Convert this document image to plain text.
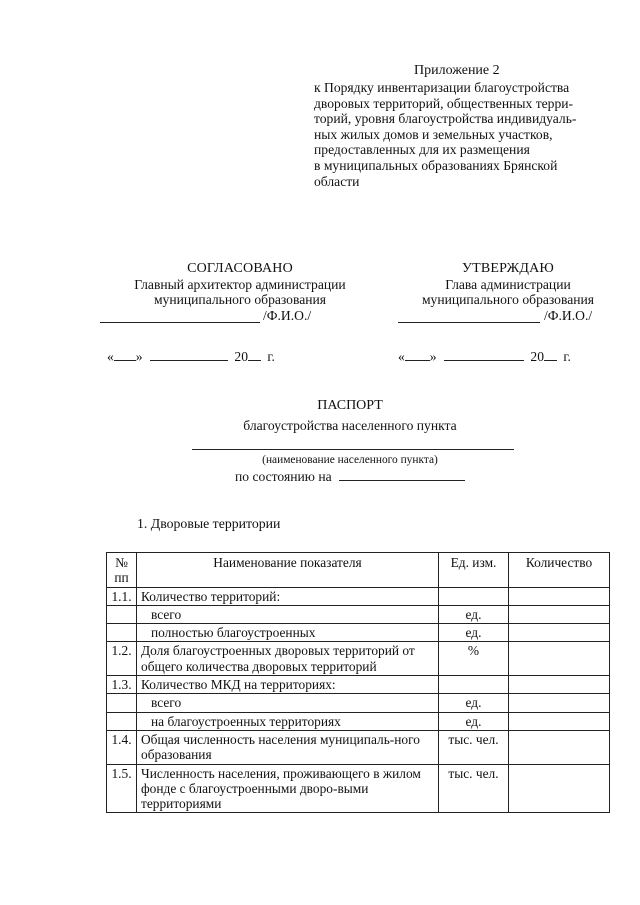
Приложение 2
к Порядку инвентаризации благоустройства
дворовых территорий, общественных терри-
торий, уровня благоустройства индивидуаль-
ных жилых домов и земельных участков,
предоставленных для их размещения
в муниципальных образованиях Брянской
области
СОГЛАСОВАНО
Главный архитектор администрации
муниципального образования
/Ф.И.О./
УТВЕРЖДАЮ
Глава администрации
муниципального образования
/Ф.И.О./
« »	20 г.	« »	20 г.
ПАСПОРТ
благоустройства населенного пункта
(наименование населенного пункта)
по состоянию на
1. Дворовые территории
№ пп	Наименование показателя	Ед. изм.	Количество
1.1.	Количество территорий:		
	всего	ед.	
	полностью благоустроенных	ед.	
1.2.	Доля благоустроенных дворовых территорий от общего количества дворовых территорий	%	
1.3.	Количество МКД на территориях:		
	всего	ед.	
	на благоустроенных территориях	ед.	
1.4.	Общая численность населения муниципаль-ного образования	тыс. чел.	
1.5.	Численность населения, проживающего в жилом фонде с благоустроенными дворо-выми территориями	тыс. чел.	
